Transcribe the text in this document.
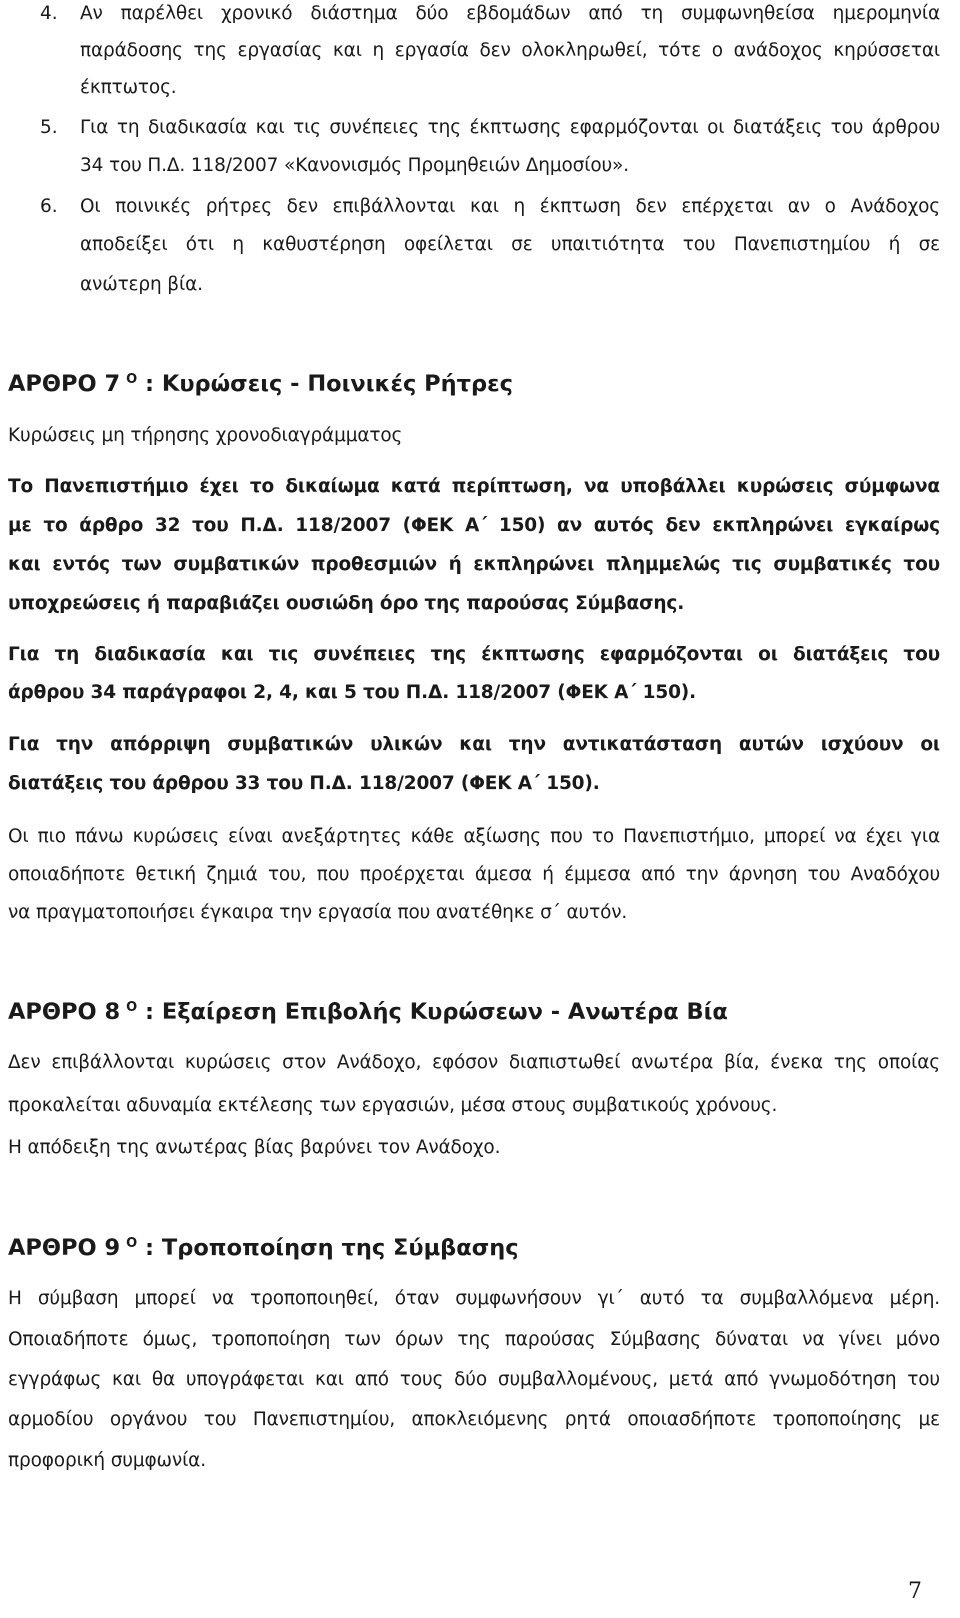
4. Αν παρέλθει χρονικό διάστημα δύο εβδομάδων από τη συμφωνηθείσα ημερομηνία
παράδοσης της εργασίας και η εργασία δεν ολοκληρωθεί, τότε ο ανάδοχος κηρύσσεται
έκπτωτος.
5. Για τη διαδικασία και τις συνέπειες της έκπτωσης εφαρμόζονται οι διατάξεις του άρθρου
34 του Π.Δ. 118/2007 «Κανονισμός Προμηθειών Δημοσίου».
6. Οι ποινικές ρήτρες δεν επιβάλλονται και η έκπτωση δεν επέρχεται αν ο Ανάδοχος
αποδείξει ότι η καθυστέρηση οφείλεται σε υπαιτιότητα του Πανεπιστημίου ή σε
ανώτερη βία.
ΑΡΘΡΟ 7 $^O$ : Κυρώσεις - Ποινικές Ρήτρες
Κυρώσεις μη τήρησης χρονοδιαγράμματος
Το Πανεπιστήμιο έχει το δικαίωμα κατά περίπτωση, να υποβάλλει κυρώσεις σύμφωνα
με το άρθρο 32 του Π.Δ. 118/2007 (ΦΕΚ Α΄ 150) αν αυτός δεν εκπληρώνει εγκαίρως
και εντός των συμβατικών προθεσμιών ή εκπληρώνει πλημμελώς τις συμβατικές του
υποχρεώσεις ή παραβιάζει ουσιώδη όρο της παρούσας Σύμβασης.
Για τη διαδικασία και τις συνέπειες της έκπτωσης εφαρμόζονται οι διατάξεις του
άρθρου 34 παράγραφοι 2, 4, και 5 του Π.Δ. 118/2007 (ΦΕΚ Α΄ 150).
Για την απόρριψη συμβατικών υλικών και την αντικατάσταση αυτών ισχύουν οι
διατάξεις του άρθρου 33 του Π.Δ. 118/2007 (ΦΕΚ Α΄ 150).
Οι πιο πάνω κυρώσεις είναι ανεξάρτητες κάθε αξίωσης που το Πανεπιστήμιο, μπορεί να έχει για
οποιαδήποτε θετική ζημιά του, που προέρχεται άμεσα ή έμμεσα από την άρνηση του Αναδόχου
να πραγματοποιήσει έγκαιρα την εργασία που ανατέθηκε σ΄ αυτόν.
ΑΡΘΡΟ 8 $^O$ : Εξαίρεση Επιβολής Κυρώσεων - Ανωτέρα Βία
Δεν επιβάλλονται κυρώσεις στον Ανάδοχο, εφόσον διαπιστωθεί ανωτέρα βία, ένεκα της οποίας
προκαλείται αδυναμία εκτέλεσης των εργασιών, μέσα στους συμβατικούς χρόνους.
Η απόδειξη της ανωτέρας βίας βαρύνει τον Ανάδοχο.
ΑΡΘΡΟ 9 $^O$ : Τροποποίηση της Σύμβασης
Η σύμβαση μπορεί να τροποποιηθεί, όταν συμφωνήσουν γι΄ αυτό τα συμβαλλόμενα μέρη.
Οποιαδήποτε όμως, τροποποίηση των όρων της παρούσας Σύμβασης δύναται να γίνει μόνο
εγγράφως και θα υπογράφεται και από τους δύο συμβαλλομένους, μετά από γνωμοδότηση του
αρμοδίου οργάνου του Πανεπιστημίου, αποκλειόμενης ρητά οποιασδήποτε τροποποίησης με
προφορική συμφωνία.
7
